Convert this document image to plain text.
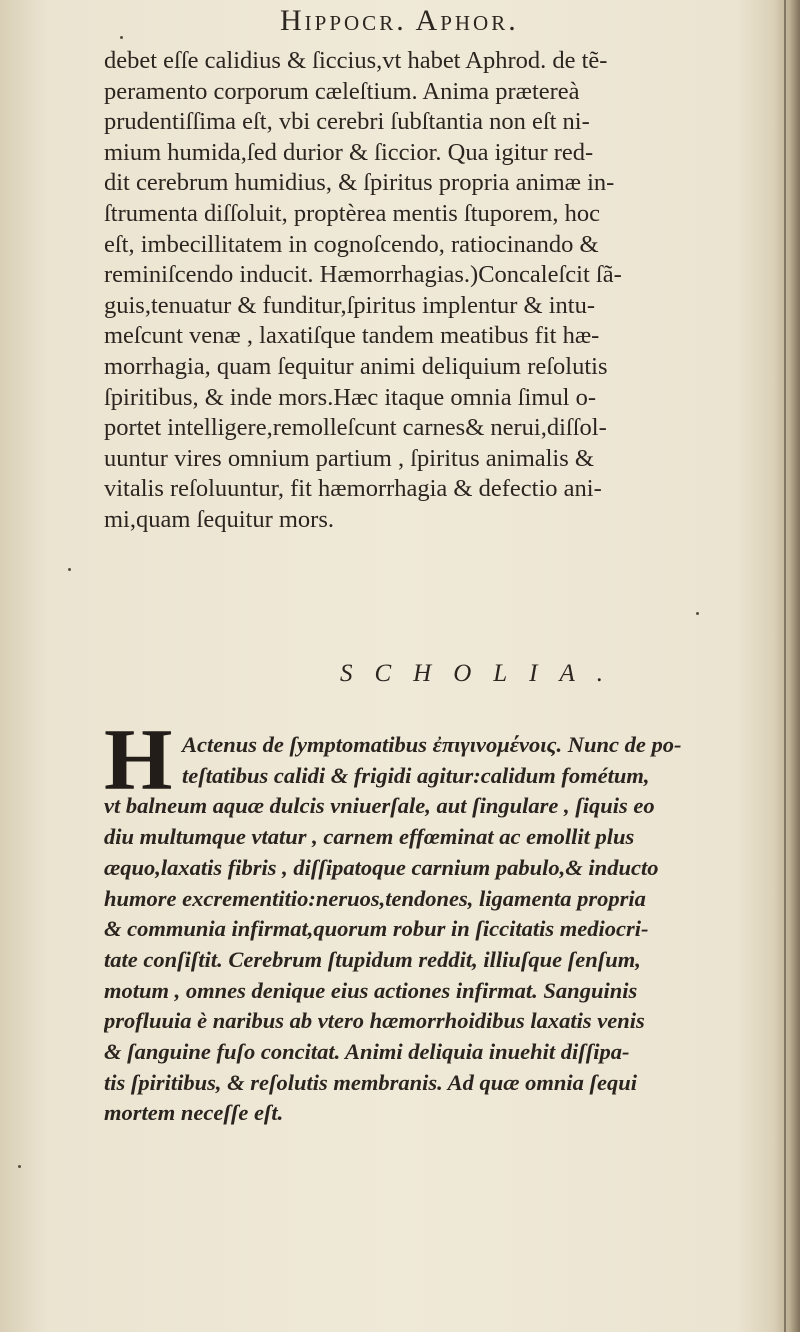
Hippocr. Aphor.
debet eſſe calidius & ſiccius,vt habet Aphrod. de tẽ-
peramento corporum cæleſtium. Anima prætereà
prudentiſſima eſt, vbi cerebri ſubſtantia non eſt ni-
mium humida,ſed durior & ſiccior. Qua igitur red-
dit cerebrum humidius, & ſpiritus propria animæ in-
ſtrumenta diſſoluit, proptèrea mentis ſtuporem, hoc
eſt, imbecillitatem in cognoſcendo, ratiocinando &
reminiſcendo inducit. Hæmorrhagias.)Concaleſcit ſã-
guis,tenuatur & funditur,ſpiritus implentur & intu-
meſcunt venæ , laxatiſque tandem meatibus fit hæ-
morrhagia, quam ſequitur animi deliquium reſolutis
ſpiritibus, & inde mors.Hæc itaque omnia ſimul o-
portet intelligere,remolleſcunt carnes& nerui,diſſol-
uuntur vires omnium partium , ſpiritus animalis &
vitalis reſoluuntur, fit hæmorrhagia & defectio ani-
mi,quam ſequitur mors.
SCHOLIA.
H Actenus de ſymptomatibus ἐπιγινομένοις. Nunc de po-
teſtatibus calidi & frigidi agitur:calidum fométum,
vt balneum aquæ dulcis vniuerſale, aut ſingulare , ſiquis eo
diu multumque vtatur , carnem effœminat ac emollit plus
æquo,laxatis fibris , diſſipatoque carnium pabulo,& inducto
humore excrementitio:neruos,tendones, ligamenta propria
& communia infirmat,quorum robur in ſiccitatis mediocri-
tate conſiſtit. Cerebrum ſtupidum reddit, illiuſque ſenſum,
motum , omnes denique eius actiones infirmat. Sanguinis
profluuia è naribus ab vtero hæmorrhoidibus laxatis venis
& ſanguine fuſo concitat. Animi deliquia inuehit diſſipa-
tis ſpiritibus, & reſolutis membranis. Ad quæ omnia ſequi
mortem neceſſe eſt.
